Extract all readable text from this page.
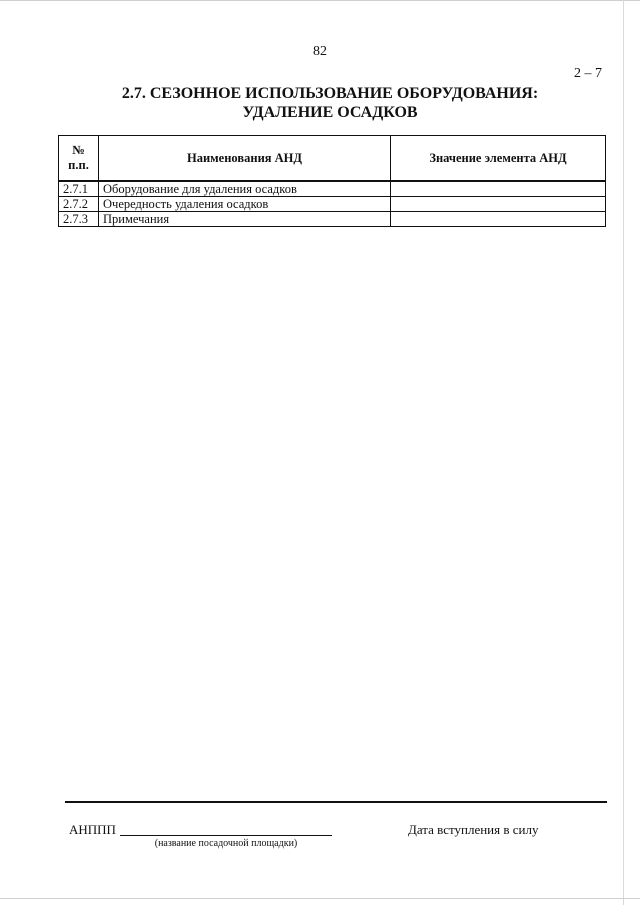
82
2 – 7
2.7. СЕЗОННОЕ ИСПОЛЬЗОВАНИЕ ОБОРУДОВАНИЯ:
УДАЛЕНИЕ ОСАДКОВ
№
п.п.	Наименования АНД	Значение элемента АНД
2.7.1	Оборудование для удаления осадков	
2.7.2	Очередность удаления осадков	
2.7.3	Примечания	
АНППП
(название посадочной площадки)
Дата вступления в силу
